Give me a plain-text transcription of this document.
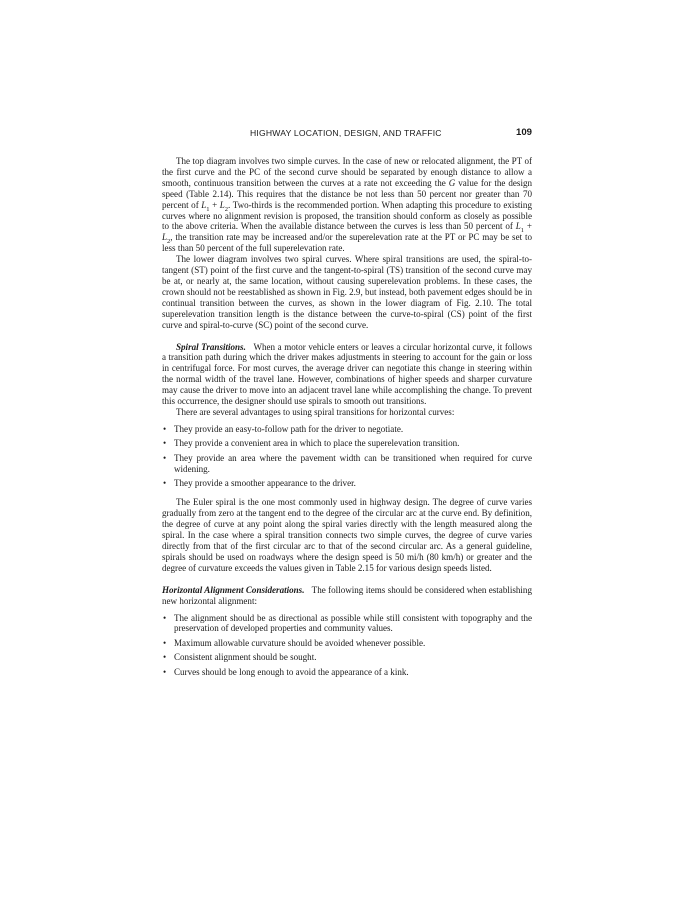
HIGHWAY LOCATION, DESIGN, AND TRAFFIC	109

The top diagram involves two simple curves. In the case of new or relocated alignment, the PT of the first curve and the PC of the second curve should be separated by enough distance to allow a smooth, continuous transition between the curves at a rate not exceeding the G value for the design speed (Table 2.14). This requires that the distance be not less than 50 percent nor greater than 70 percent of $L_1 + L_2$. Two-thirds is the recommended portion. When adapting this procedure to existing curves where no alignment revision is proposed, the transition should conform as closely as possible to the above criteria. When the available distance between the curves is less than 50 percent of $L_1 + L_2$, the transition rate may be increased and/or the superelevation rate at the PT or PC may be set to less than 50 percent of the full superelevation rate.

The lower diagram involves two spiral curves. Where spiral transitions are used, the spiral-to-tangent (ST) point of the first curve and the tangent-to-spiral (TS) transition of the second curve may be at, or nearly at, the same location, without causing superelevation problems. In these cases, the crown should not be reestablished as shown in Fig. 2.9, but instead, both pavement edges should be in continual transition between the curves, as shown in the lower diagram of Fig. 2.10. The total superelevation transition length is the distance between the curve-to-spiral (CS) point of the first curve and spiral-to-curve (SC) point of the second curve.

Spiral Transitions. When a motor vehicle enters or leaves a circular horizontal curve, it follows a transition path during which the driver makes adjustments in steering to account for the gain or loss in centrifugal force. For most curves, the average driver can negotiate this change in steering within the normal width of the travel lane. However, combinations of higher speeds and sharper curvature may cause the driver to move into an adjacent travel lane while accomplishing the change. To prevent this occurrence, the designer should use spirals to smooth out transitions.

There are several advantages to using spiral transitions for horizontal curves:

• They provide an easy-to-follow path for the driver to negotiate.
• They provide a convenient area in which to place the superelevation transition.
• They provide an area where the pavement width can be transitioned when required for curve widening.
• They provide a smoother appearance to the driver.

The Euler spiral is the one most commonly used in highway design. The degree of curve varies gradually from zero at the tangent end to the degree of the circular arc at the curve end. By definition, the degree of curve at any point along the spiral varies directly with the length measured along the spiral. In the case where a spiral transition connects two simple curves, the degree of curve varies directly from that of the first circular arc to that of the second circular arc. As a general guideline, spirals should be used on roadways where the design speed is 50 mi/h (80 km/h) or greater and the degree of curvature exceeds the values given in Table 2.15 for various design speeds listed.

Horizontal Alignment Considerations. The following items should be considered when establishing new horizontal alignment:

• The alignment should be as directional as possible while still consistent with topography and the preservation of developed properties and community values.
• Maximum allowable curvature should be avoided whenever possible.
• Consistent alignment should be sought.
• Curves should be long enough to avoid the appearance of a kink.
